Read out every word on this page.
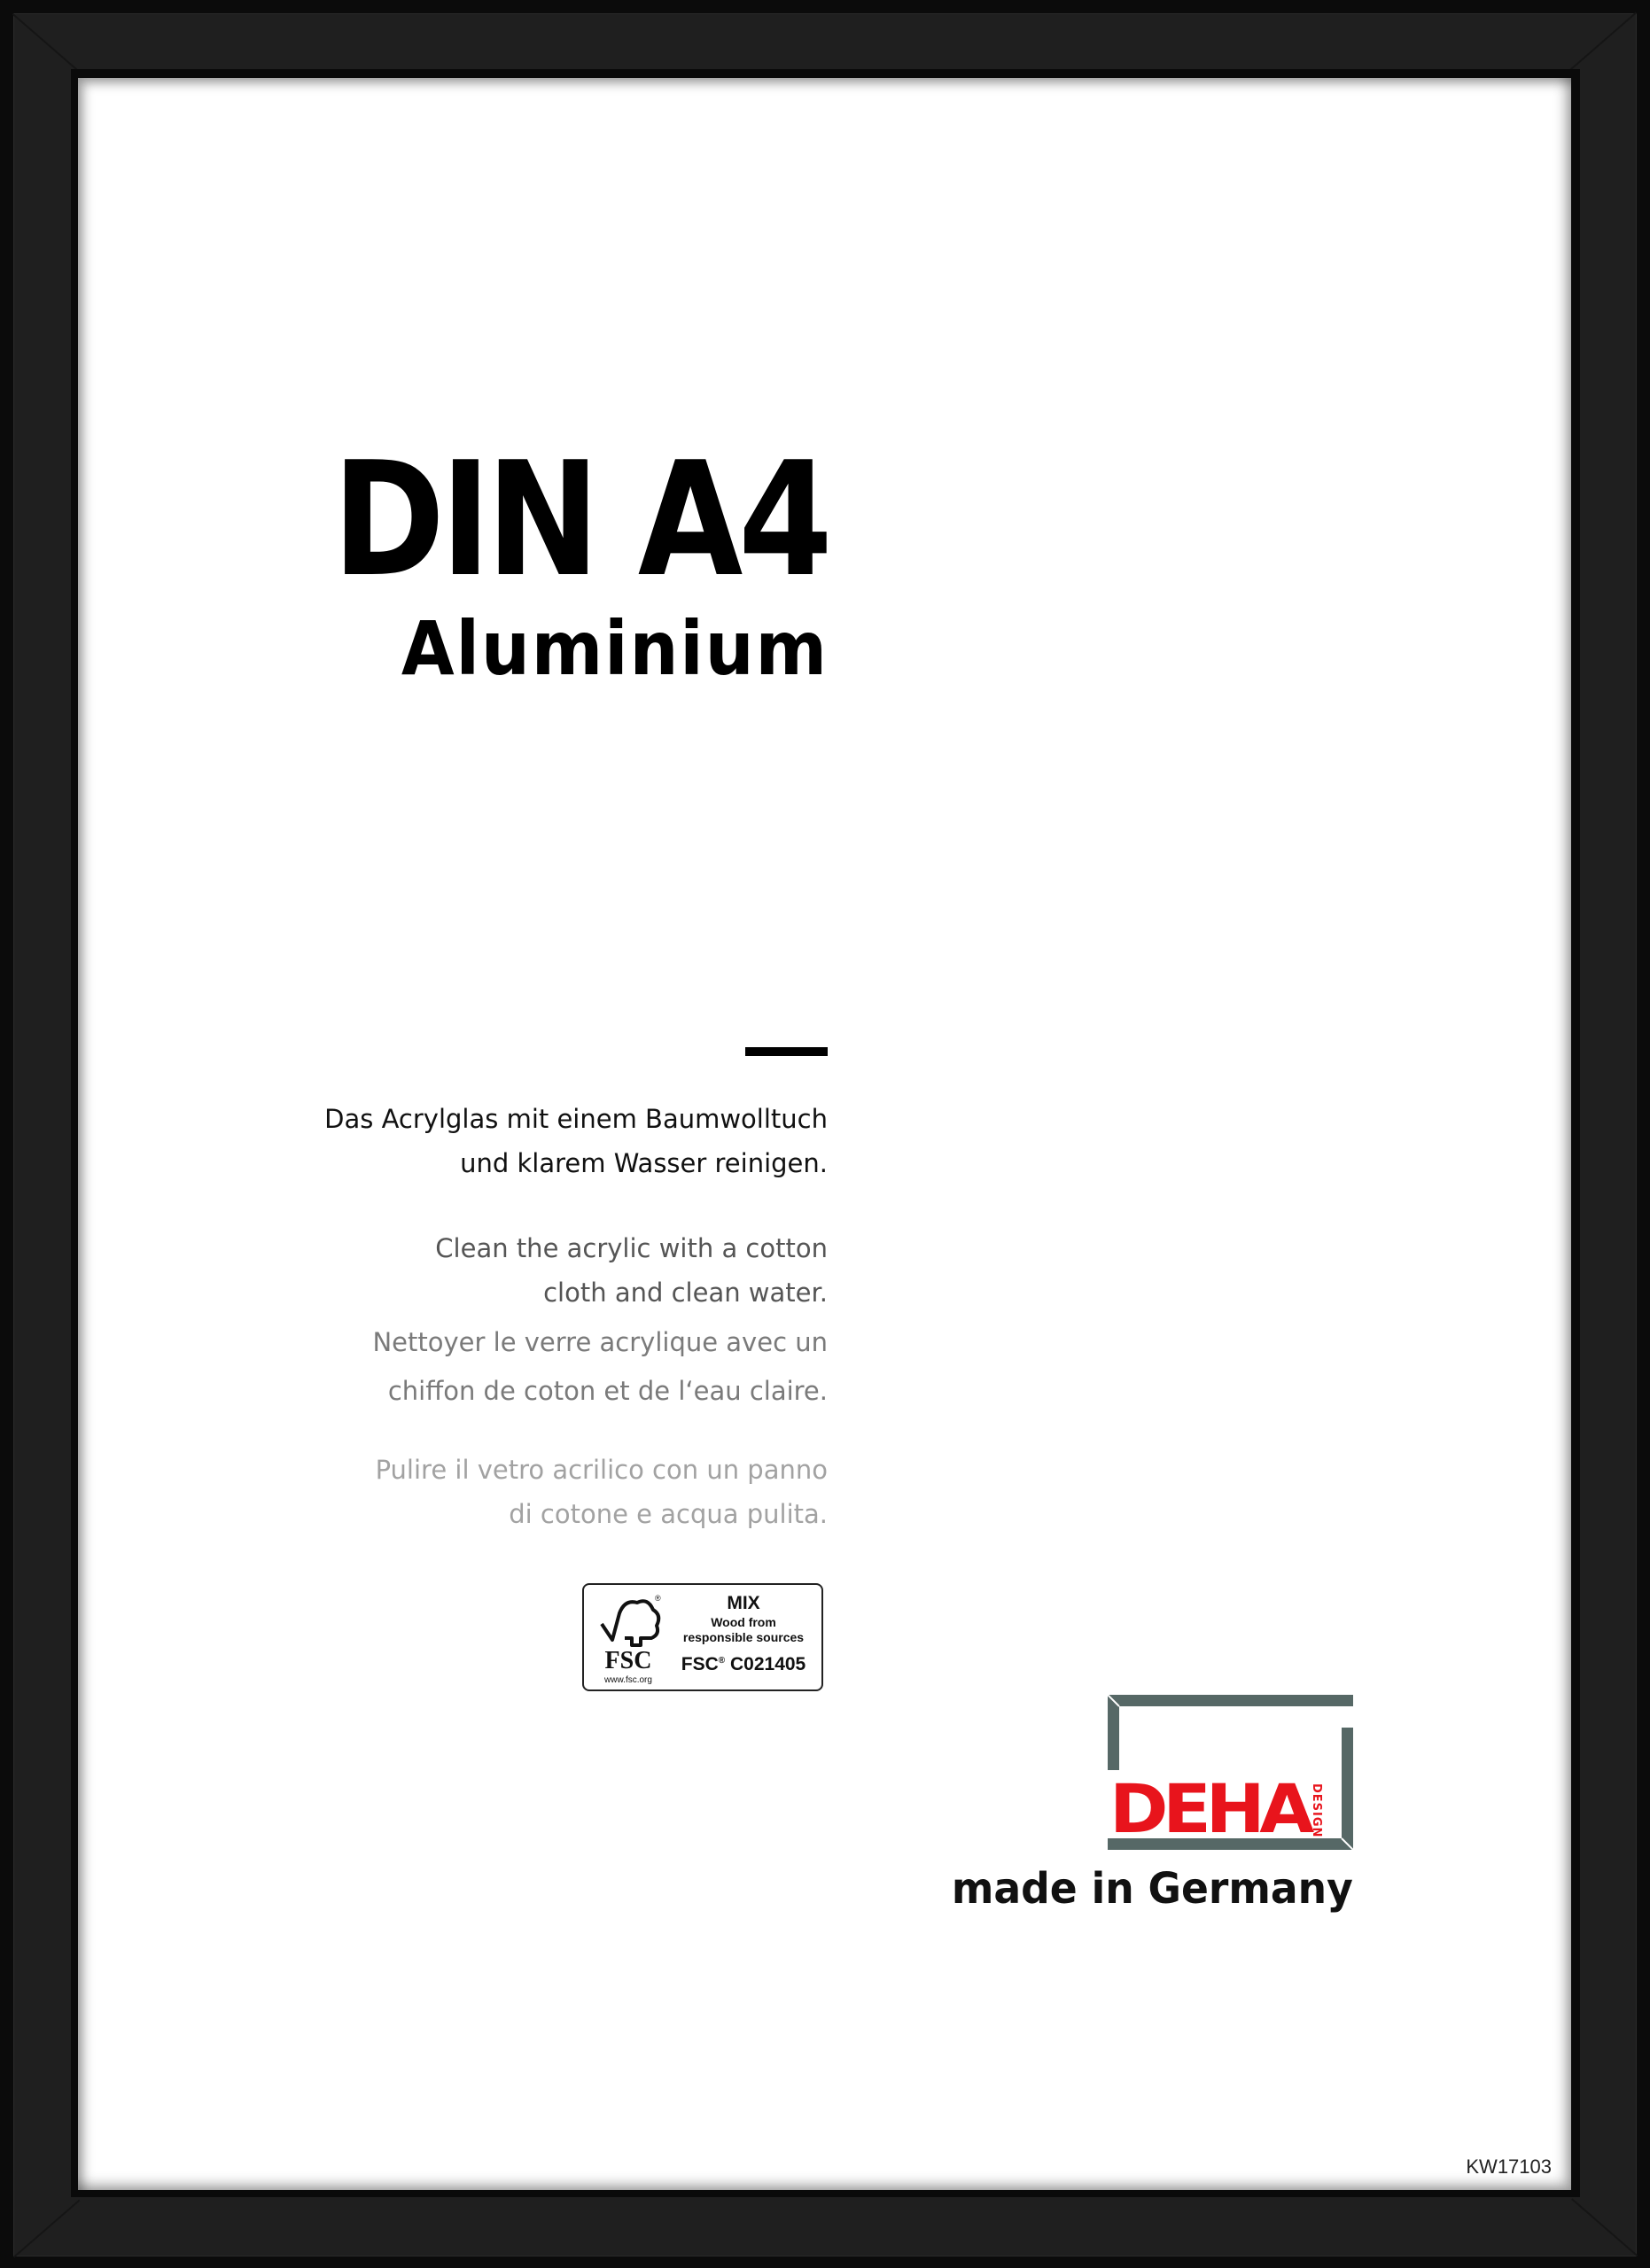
DIN A4
Aluminium
Das Acrylglas mit einem Baumwolltuch
und klarem Wasser reinigen.
Clean the acrylic with a cotton
cloth and clean water.
Nettoyer le verre acrylique avec un
chiffon de coton et de l‘eau claire.
Pulire il vetro acrilico con un panno
di cotone e acqua pulita.
®
FSC
www.fsc.org
MIX
Wood from
responsible sources
FSC® C021405
DEHA
DESIGN
made in Germany
KW17103
